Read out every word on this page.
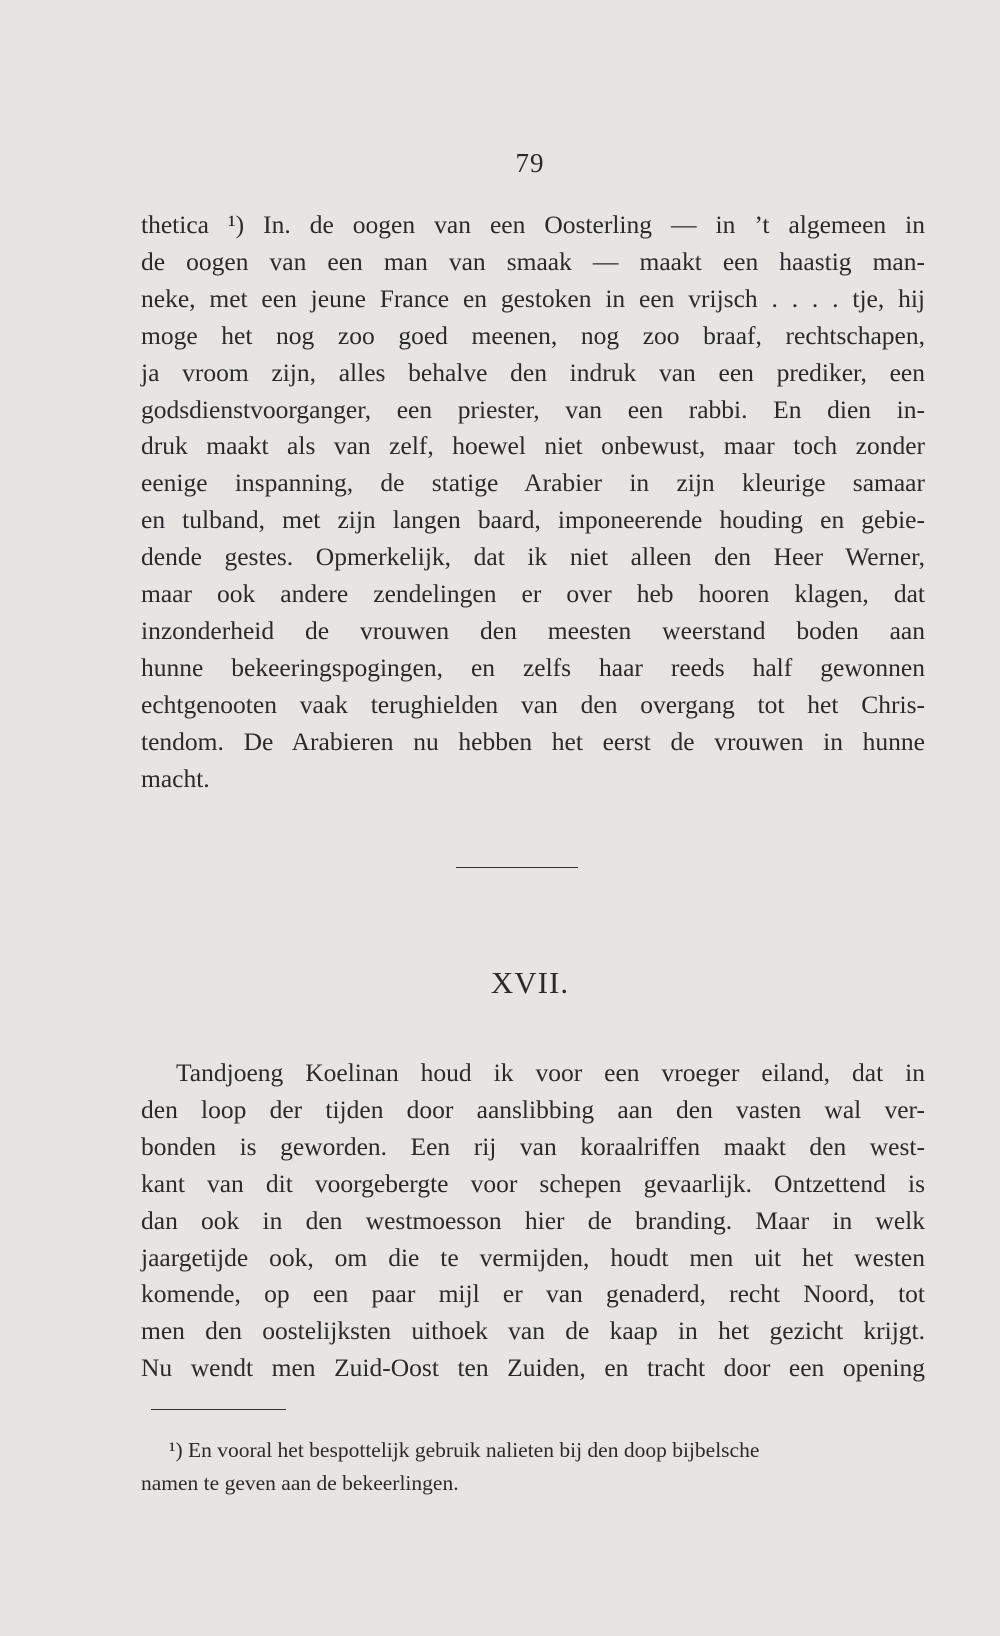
79
thetica ¹) In. de oogen van een Oosterling — in ’t algemeen in
de oogen van een man van smaak — maakt een haastig man-
neke, met een jeune France en gestoken in een vrijsch . . . . tje, hij
moge het nog zoo goed meenen, nog zoo braaf, rechtschapen,
ja vroom zijn, alles behalve den indruk van een prediker, een
godsdienstvoorganger, een priester, van een rabbi. En dien in-
druk maakt als van zelf, hoewel niet onbewust, maar toch zonder
eenige inspanning, de statige Arabier in zijn kleurige samaar
en tulband, met zijn langen baard, imponeerende houding en gebie-
dende gestes. Opmerkelijk, dat ik niet alleen den Heer Werner,
maar ook andere zendelingen er over heb hooren klagen, dat
inzonderheid de vrouwen den meesten weerstand boden aan
hunne bekeeringspogingen, en zelfs haar reeds half gewonnen
echtgenooten vaak terughielden van den overgang tot het Chris-
tendom. De Arabieren nu hebben het eerst de vrouwen in hunne
macht.
XVII.
Tandjoeng Koelinan houd ik voor een vroeger eiland, dat in
den loop der tijden door aanslibbing aan den vasten wal ver-
bonden is geworden. Een rij van koraalriffen maakt den west-
kant van dit voorgebergte voor schepen gevaarlijk. Ontzettend is
dan ook in den westmoesson hier de branding. Maar in welk
jaargetijde ook, om die te vermijden, houdt men uit het westen
komende, op een paar mijl er van genaderd, recht Noord, tot
men den oostelijksten uithoek van de kaap in het gezicht krijgt.
Nu wendt men Zuid-Oost ten Zuiden, en tracht door een opening
¹) En vooral het bespottelijk gebruik nalieten bij den doop bijbelsche
namen te geven aan de bekeerlingen.
